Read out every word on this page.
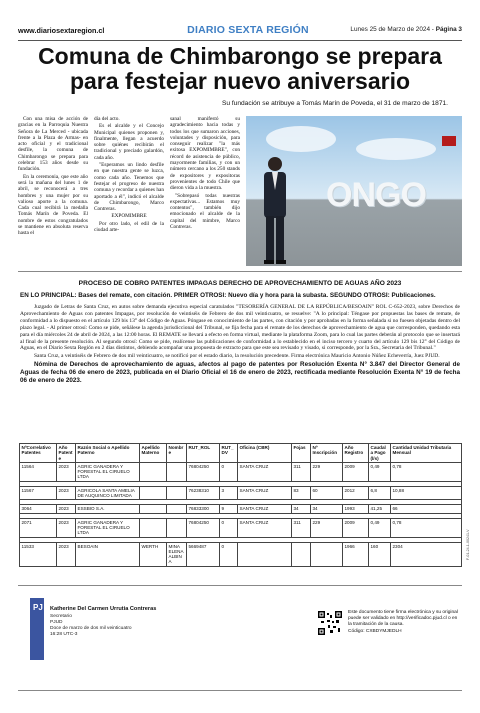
www.diariosextaregion.cl	DIARIO SEXTA REGIÓN	Lunes 25 de Marzo de 2024 - Página 3
Comuna de Chimbarongo se prepara para festejar nuevo aniversario
Su fundación se atribuye a Tomás Marín de Poveda, el 31 de marzo de 1871.

Con una misa de acción de gracias en la Parroquia Nuestra Señora de La Merced - ubicada frente a la Plaza de Armas- en acto oficial y el tradicional desfile, la comuna de Chimbarongo se prepara para celebrar 153 años desde su fundación.

En la ceremonia, que este año será la mañana del lunes 1 de abril, se reconocerá a tres hombres y una mujer por su valioso aporte a la comuna. Cada cual recibirá la medalla Tomás Marín de Poveda. El nombre de estos congratulados se mantiene en absoluta reserva hasta el

día del acto.

Es el alcalde y el Concejo Municipal quienes proponen y, finalmente, llegan a acuerdo sobre quiénes recibirán el tradicional y preciado galardón, cada año.

"Esperamos un lindo desfile en que nuestra gente se luzca, como cada año. Tenemos que festejar el progreso de nuestra comuna y recordar a quienes han aportado a él", indicó el alcalde de Chimbarongo, Marco Contreras.

EXPOMIMBRE

Por otro lado, el edil de la ciudad arte-

sanal manifestó su agradecimiento hacia todas y todos los que sumaron acciones, voluntades y disposición, para conseguir realizar "la más exitosa EXPOMIMBRE", con récord de asistencia de público, mayormente familias, y con un número cercano a los 250 stands de expositores y expositoras provenientes de todo Chile que dieron vida a la muestra.

"Sobrepasó todas nuestras expectativas... Estamos muy contentos", también dijo emocionado el alcalde de la capital del mimbre, Marco Contreras.

ONGO
PROCESO DE COBRO PATENTES IMPAGAS DERECHO DE APROVECHAMIENTO DE AGUAS AÑO 2023
EN LO PRINCIPAL: Bases del remate, con citación. PRIMER OTROSI: Nuevo día y hora para la subasta. SEGUNDO OTROSI: Publicaciones.

Juzgado de Letras de Santa Cruz, en autos sobre demanda ejecutiva especial caratulados "TESORERÍA GENERAL DE LA REPÚBLICA/BESOAIN" ROL C-652-2023, sobre Derechos de Aprovechamiento de Aguas con patentes Impagas, por resolución de veintiséis de Febrero de dos mil veinticuatro, se resuelve: "A lo principal: Téngase por propuestas las bases de remate, de conformidad a lo dispuesto en el artículo 129 bis 13° del Código de Aguas. Póngase en conocimiento de las partes, con citación y por aprobadas en la forma señalada si no fuesen objetadas dentro del plazo legal. - Al primer otrosí: Como se pide, señálese la agenda jurisdiccional del Tribunal, se fija fecha para el remate de los derechos de aprovechamiento de agua que corresponden, quedando esta para el día miércoles 24 de abril de 2024, a las 12:00 horas. El REMATE se llevará a efecto en forma virtual, mediante la plataforma Zoom, para lo cual las partes deberán al protocolo que se insertará al final de la presente resolución. Al segundo otrosí: Como se pide, realícense las publicaciones de conformidad a lo establecido en el inciso tercero y cuarto del artículo 129 bis 12° del Código de Aguas, en el Diario Sexta Región en 2 días distintos, debiendo acompañar una propuesta de extracto para que este sea revisado y visado, si corresponde, por la Sra., Secretaria del Tribunal."

Santa Cruz, a veintiséis de Febrero de dos mil veinticuatro, se notificó por el estado diario, la resolución precedente. Firma electrónica Mauricio Antonio Núñez Echeverría, Juez PJUD.

Nómina de Derechos de aprovechamiento de aguas, afectos al pago de patentes por Resolución Exenta N° 3.847 del Director General de Aguas de fecha 06 de enero de 2023, publicada en el Diario Oficial el 16 de enero de 2023, rectificada mediante Resolución Exenta N° 19 de fecha 06 de enero de 2023.

NºCorrelativo Patentes	Año Patente	Razón Social o Apellido Paterno	Apellido Materno	Nombre	RUT_ROL	RUT_DV	Oficina (CBR)	Fojas	Nº Inscripción	Año Registro	Caudal a Pago (l/s)	Cantidad Unidad Tributaria Mensual
11564	2023	AGRIC GANADERA Y FORESTAL EL CIRUELO LTDA			76804250	0	SANTA CRUZ	311	229	2009	0,49	0,78

11567	2023	AGRICOLA SANTA AMELIA DE AUQUINCO LIMITADA			76238310	3	SANTA CRUZ	83	60	2012	6,8	10,88

3064	2023	ESSBIO S.A.			76833300	9	SANTA CRUZ	34	34	1993	41,25	66

2071	2023	AGRIC GANADERA Y FORESTAL EL CIRUELO LTDA			76804250	0	SANTA CRUZ	311	229	2009	0,49	0,78

11533	2023	BESOAIN	WERTH	MINA ELENA ALBINA	5669487	0				1966	160	2304
PJ Katherine Del Carmen Urrutia Contreras
Secretario
PJUD
Doce de marzo de dos mil veinticuatro
16:28 UTC-3
Este documento tiene firma electrónica y su original puede ser validado en http://verificadoc.pjud.cl o en la tramitación de la causa.
Código: CXBDYMJEDLH
F-01-24-1-00241-V
